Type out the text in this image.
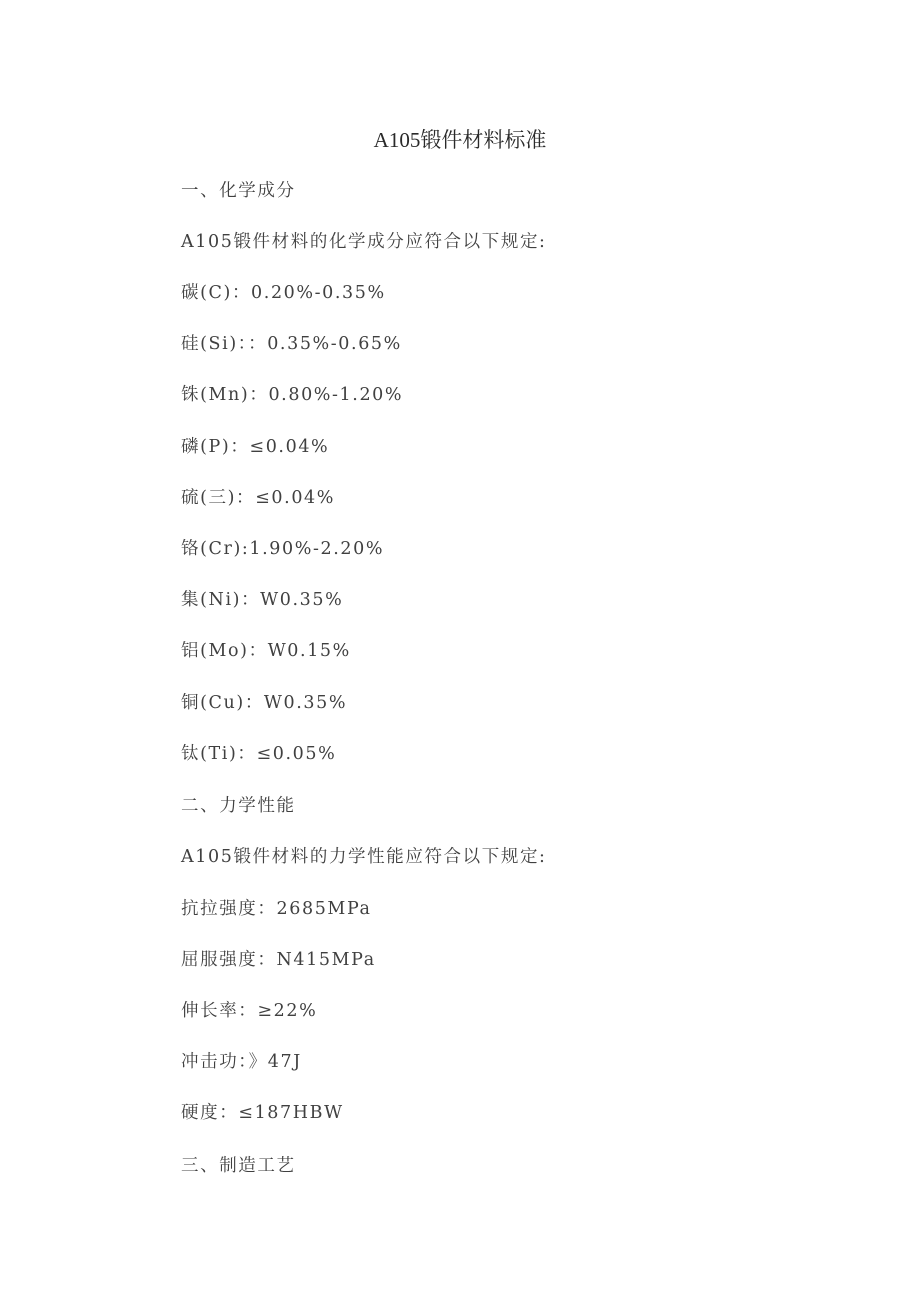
A105锻件材料标准
一、化学成分
A105锻件材料的化学成分应符合以下规定:
碳(C)：0.20%-0.35%
硅(Si)：：0.35%-0.65%
铢(Mn)：0.80%-1.20%
磷(P)：≤0.04%
硫(三)：≤0.04%
铬(Cr):1.90%-2.20%
集(Ni)：W0.35%
铝(Mo)：W0.15%
铜(Cu)：W0.35%
钛(Ti)：≤0.05%
二、力学性能
A105锻件材料的力学性能应符合以下规定:
抗拉强度：2685MPa
屈服强度：N415MPa
伸长率：≥22%
冲击功：》47J
硬度：≤187HBW
三、制造工艺
